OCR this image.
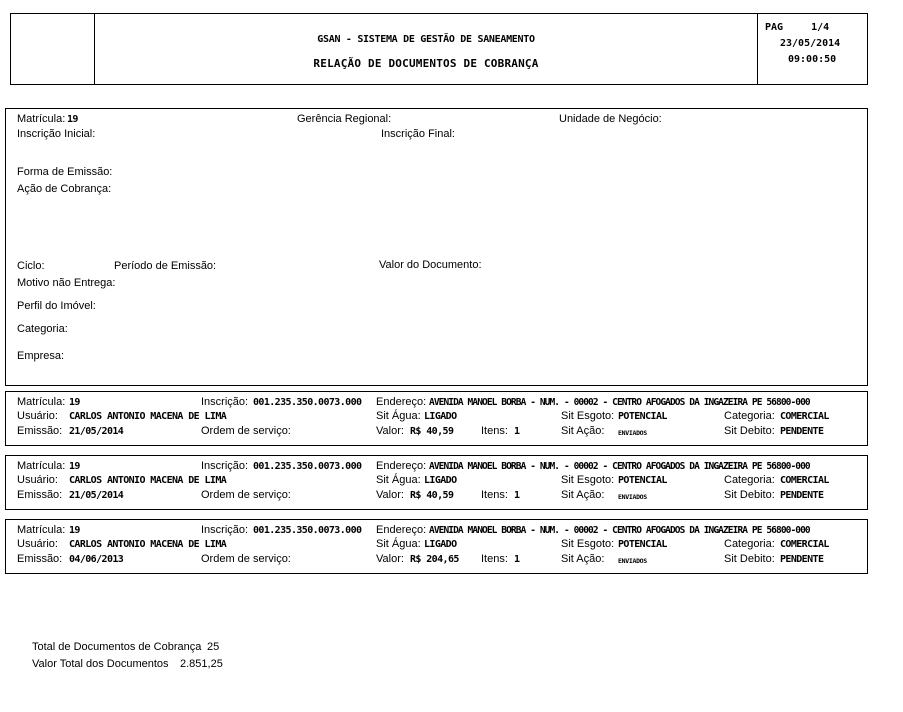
GSAN - SISTEMA DE GESTÃO DE SANEAMENTO
RELAÇÃO DE DOCUMENTOS DE COBRANÇA
PAG	1/4
23/05/2014
09:00:50
Matrícula: 19	Gerência Regional:	Unidade de Negócio:
Inscrição Inicial:	Inscrição Final:
Forma de Emissão:
Ação de Cobrança:
Ciclo:	Período de Emissão:	Valor do Documento:
Motivo não Entrega:
Perfil do Imóvel:
Categoria:
Empresa:
Matrícula: 19	Inscrição: 001.235.350.0073.000 Endereço: AVENIDA MANOEL BORBA - NUM. - 00002 - CENTRO AFOGADOS DA INGAZEIRA PE 56800-000
Usuário: CARLOS ANTONIO MACENA DE LIMA	Sit Água: LIGADO	Sit Esgoto: POTENCIAL	Categoria: COMERCIAL
Emissão: 21/05/2014	Ordem de serviço:	Valor: R$ 40,59	Itens: 1	Sit Ação: ENVIADOS	Sit Debito: PENDENTE
Matrícula: 19	Inscrição: 001.235.350.0073.000 Endereço: AVENIDA MANOEL BORBA - NUM. - 00002 - CENTRO AFOGADOS DA INGAZEIRA PE 56800-000
Usuário: CARLOS ANTONIO MACENA DE LIMA	Sit Água: LIGADO	Sit Esgoto: POTENCIAL	Categoria: COMERCIAL
Emissão: 21/05/2014	Ordem de serviço:	Valor: R$ 40,59	Itens: 1	Sit Ação: ENVIADOS	Sit Debito: PENDENTE
Matrícula: 19	Inscrição: 001.235.350.0073.000 Endereço: AVENIDA MANOEL BORBA - NUM. - 00002 - CENTRO AFOGADOS DA INGAZEIRA PE 56800-000
Usuário: CARLOS ANTONIO MACENA DE LIMA	Sit Água: LIGADO	Sit Esgoto: POTENCIAL	Categoria: COMERCIAL
Emissão: 04/06/2013	Ordem de serviço:	Valor: R$ 204,65 Itens: 1	Sit Ação: ENVIADOS	Sit Debito: PENDENTE
Total de Documentos de Cobrança 25
Valor Total dos Documentos 2.851,25
